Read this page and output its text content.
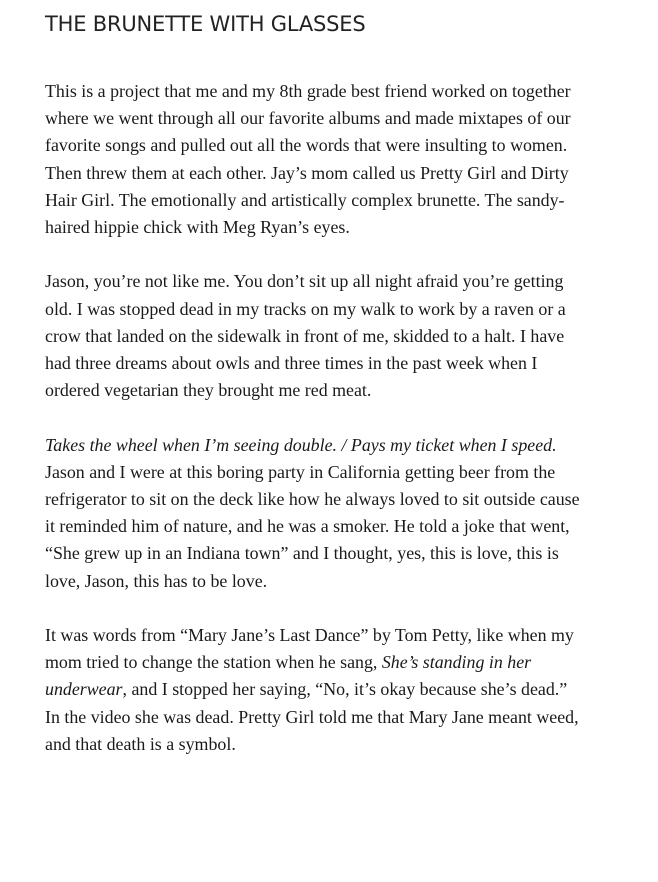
THE BRUNETTE WITH GLASSES

This is a project that me and my 8th grade best friend worked on together where we went through all our favorite albums and made mixtapes of our favorite songs and pulled out all the words that were insulting to women. Then threw them at each other. Jay’s mom called us Pretty Girl and Dirty Hair Girl. The emotionally and artistically complex brunette. The sandy-haired hippie chick with Meg Ryan’s eyes.

Jason, you’re not like me. You don’t sit up all night afraid you’re getting old. I was stopped dead in my tracks on my walk to work by a raven or a crow that landed on the sidewalk in front of me, skidded to a halt. I have had three dreams about owls and three times in the past week when I ordered vegetarian they brought me red meat.

Takes the wheel when I’m seeing double. / Pays my ticket when I speed. Jason and I were at this boring party in California getting beer from the refrigerator to sit on the deck like how he always loved to sit outside cause it reminded him of nature, and he was a smoker. He told a joke that went, “She grew up in an Indiana town” and I thought, yes, this is love, this is love, Jason, this has to be love.

It was words from “Mary Jane’s Last Dance” by Tom Petty, like when my mom tried to change the station when he sang, She’s standing in her underwear, and I stopped her saying, “No, it’s okay because she’s dead.” In the video she was dead. Pretty Girl told me that Mary Jane meant weed, and that death is a symbol.
